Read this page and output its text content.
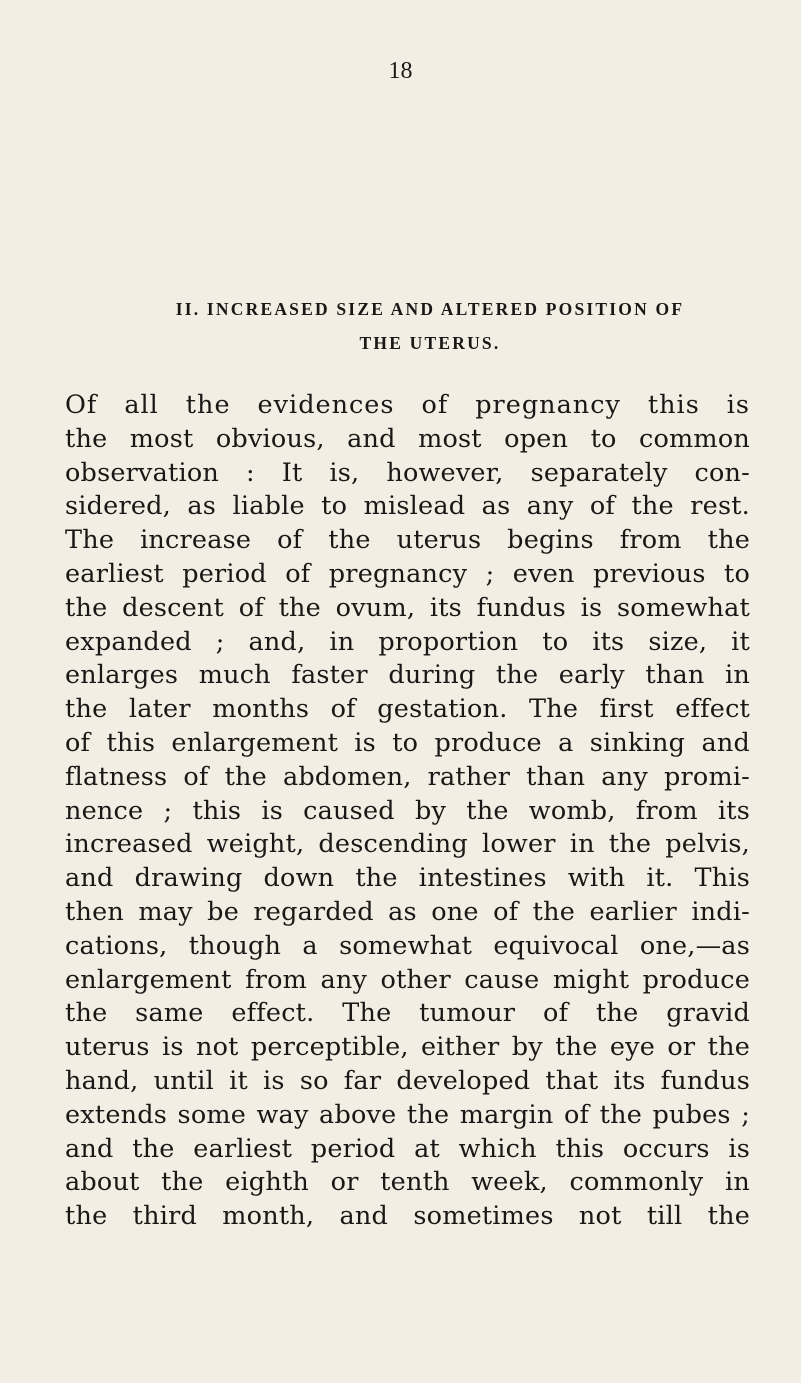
18
II. INCREASED SIZE AND ALTERED POSITION OF
THE UTERUS.
Of all the evidences of pregnancy this is
the most obvious, and most open to common
observation : It is, however, separately con-
sidered, as liable to mislead as any of the rest.
The increase of the uterus begins from the
earliest period of pregnancy ; even previous to
the descent of the ovum, its fundus is somewhat
expanded ; and, in proportion to its size, it
enlarges much faster during the early than in
the later months of gestation. The first effect
of this enlargement is to produce a sinking and
flatness of the abdomen, rather than any promi-
nence ; this is caused by the womb, from its
increased weight, descending lower in the pelvis,
and drawing down the intestines with it. This
then may be regarded as one of the earlier indi-
cations, though a somewhat equivocal one,—as
enlargement from any other cause might produce
the same effect. The tumour of the gravid
uterus is not perceptible, either by the eye or the
hand, until it is so far developed that its fundus
extends some way above the margin of the pubes ;
and the earliest period at which this occurs is
about the eighth or tenth week, commonly in
the third month, and sometimes not till the
